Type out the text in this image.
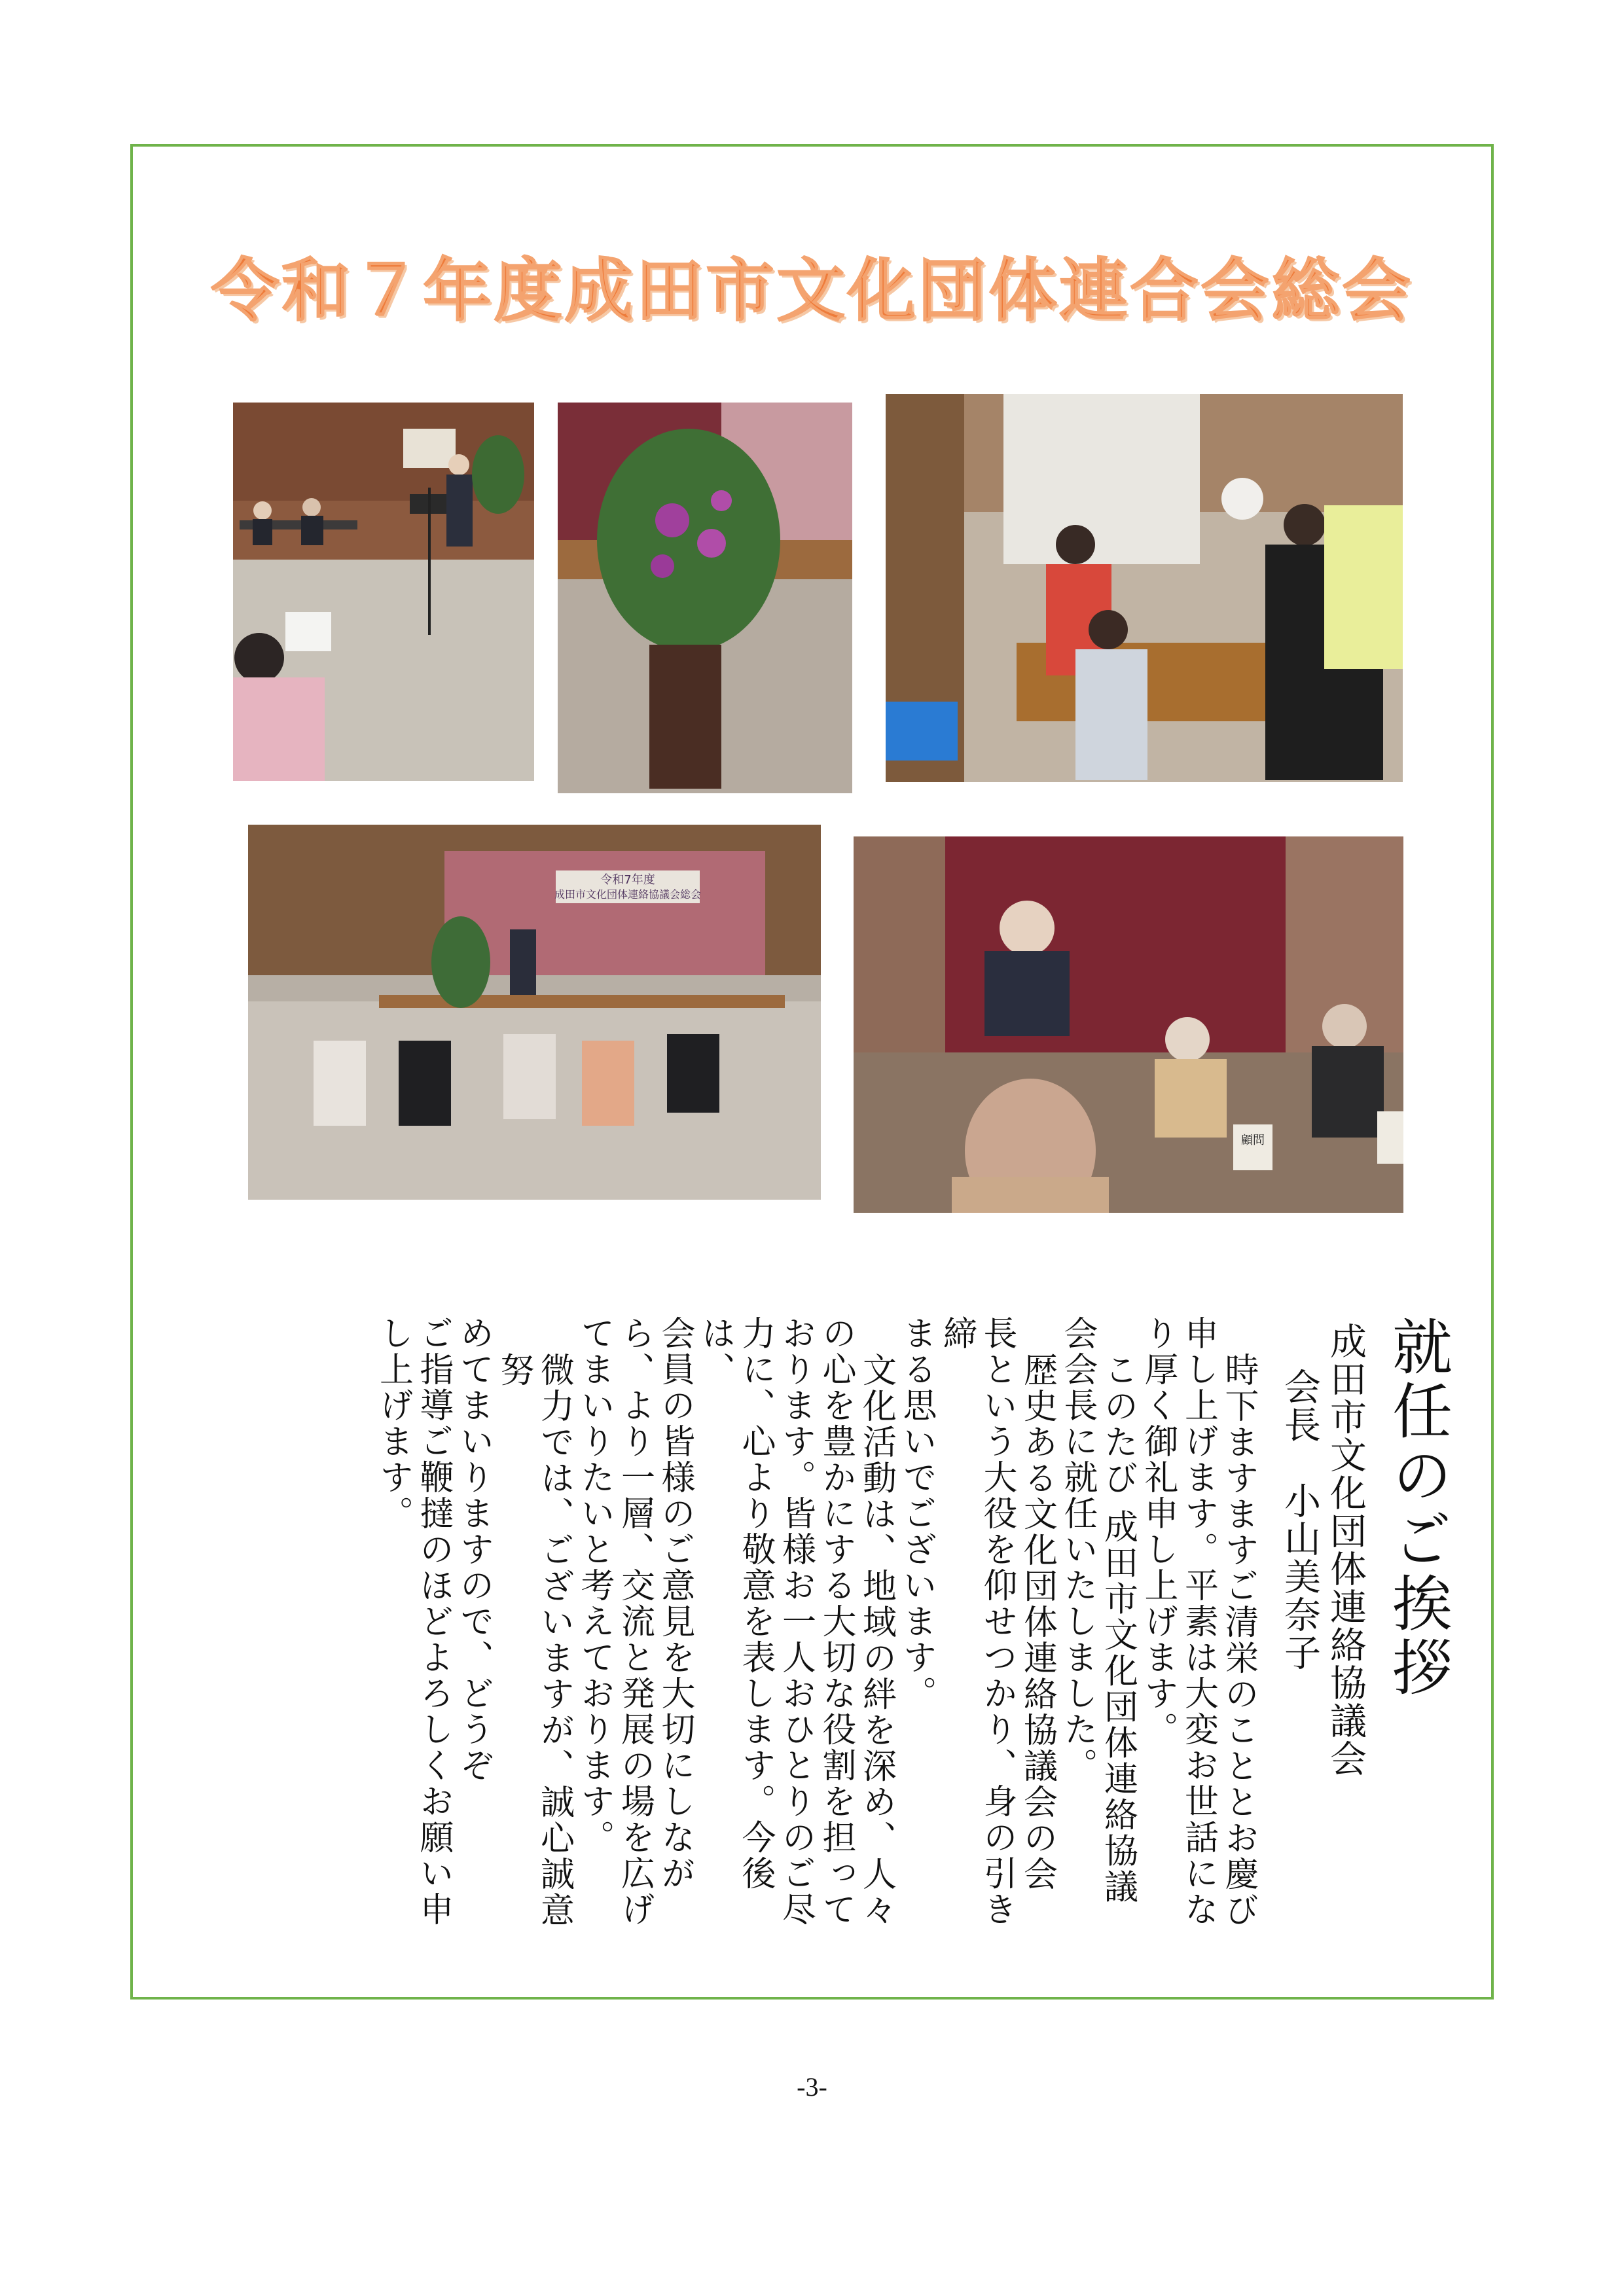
令和７年度成田市文化団体連合会総会
令和7年度
成田市文化団体連絡協議会総会
顧問
就任のご挨拶
成田市文化団体連絡協議会
会長　小山美奈子
時下ますますご清栄のこととお慶び
申し上げます。平素は大変お世話にな
り厚く御礼申し上げます。
このたび 成田市文化団体連絡協議
会会長に就任いたしました。
歴史ある文化団体連絡協議会の会
長という大役を仰せつかり、身の引き締
まる思いでございます。
文化活動は、地域の絆を深め、人々
の心を豊かにする大切な役割を担って
おります。皆様お一人おひとりのご尽
力に、心より敬意を表します。今後は、
会員の皆様のご意見を大切にしなが
ら、より一層、交流と発展の場を広げ
てまいりたいと考えております。
微力では、ございますが、誠心誠意努
めてまいりますので、どうぞ
ご指導ご鞭撻のほどよろしくお願い申
し上げます。
-3-
